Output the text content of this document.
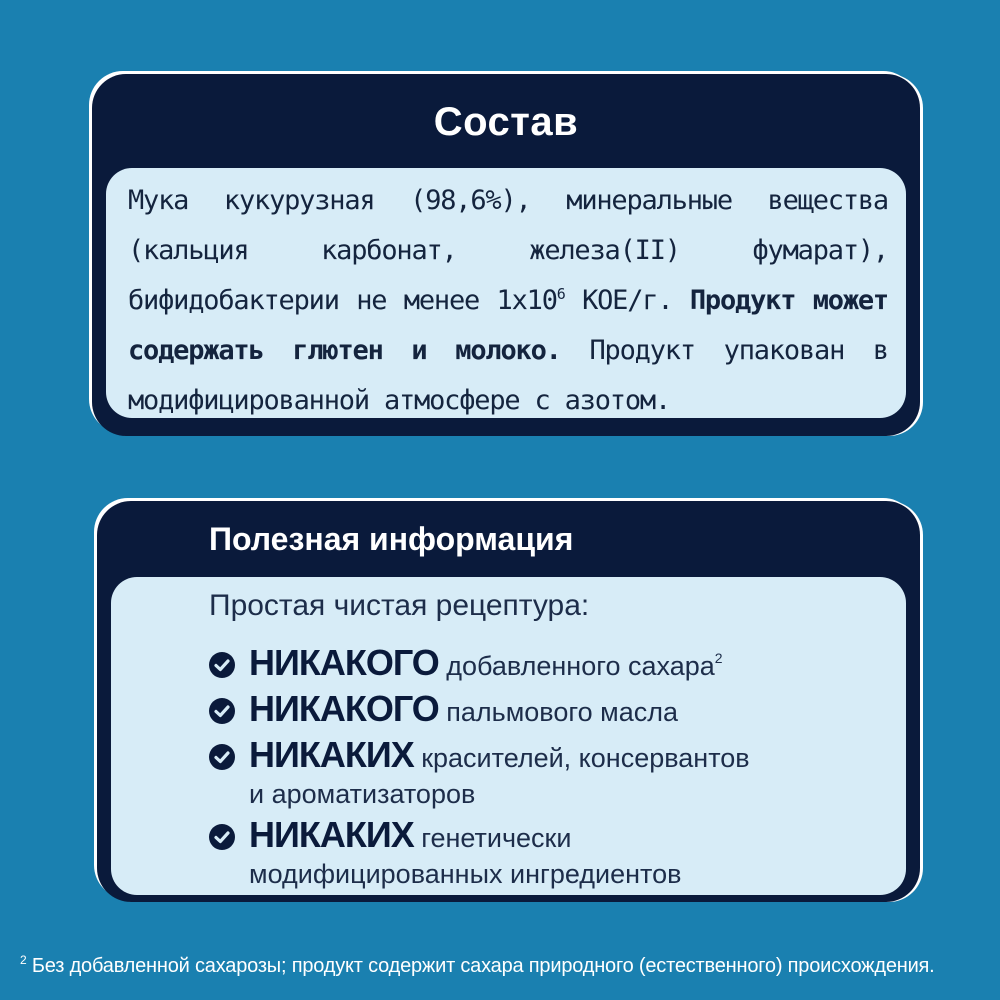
Состав
Мука кукурузная (98,6%), минеральные вещества (кальция карбонат, железа(II) фумарат), бифидобактерии не менее $1x10^6$ КОЕ/г. Продукт может содержать глютен и молоко. Продукт упакован в модифицированной атмосфере с азотом.
Полезная информация
Простая чистая рецептура:
НИКАКОГО добавленного сахара$^2$
НИКАКОГО пальмового масла
НИКАКИХ красителей, консервантов
и ароматизаторов
НИКАКИХ генетически
модифицированных ингредиентов
$^2$ Без добавленной сахарозы; продукт содержит сахара природного (естественного) происхождения.
